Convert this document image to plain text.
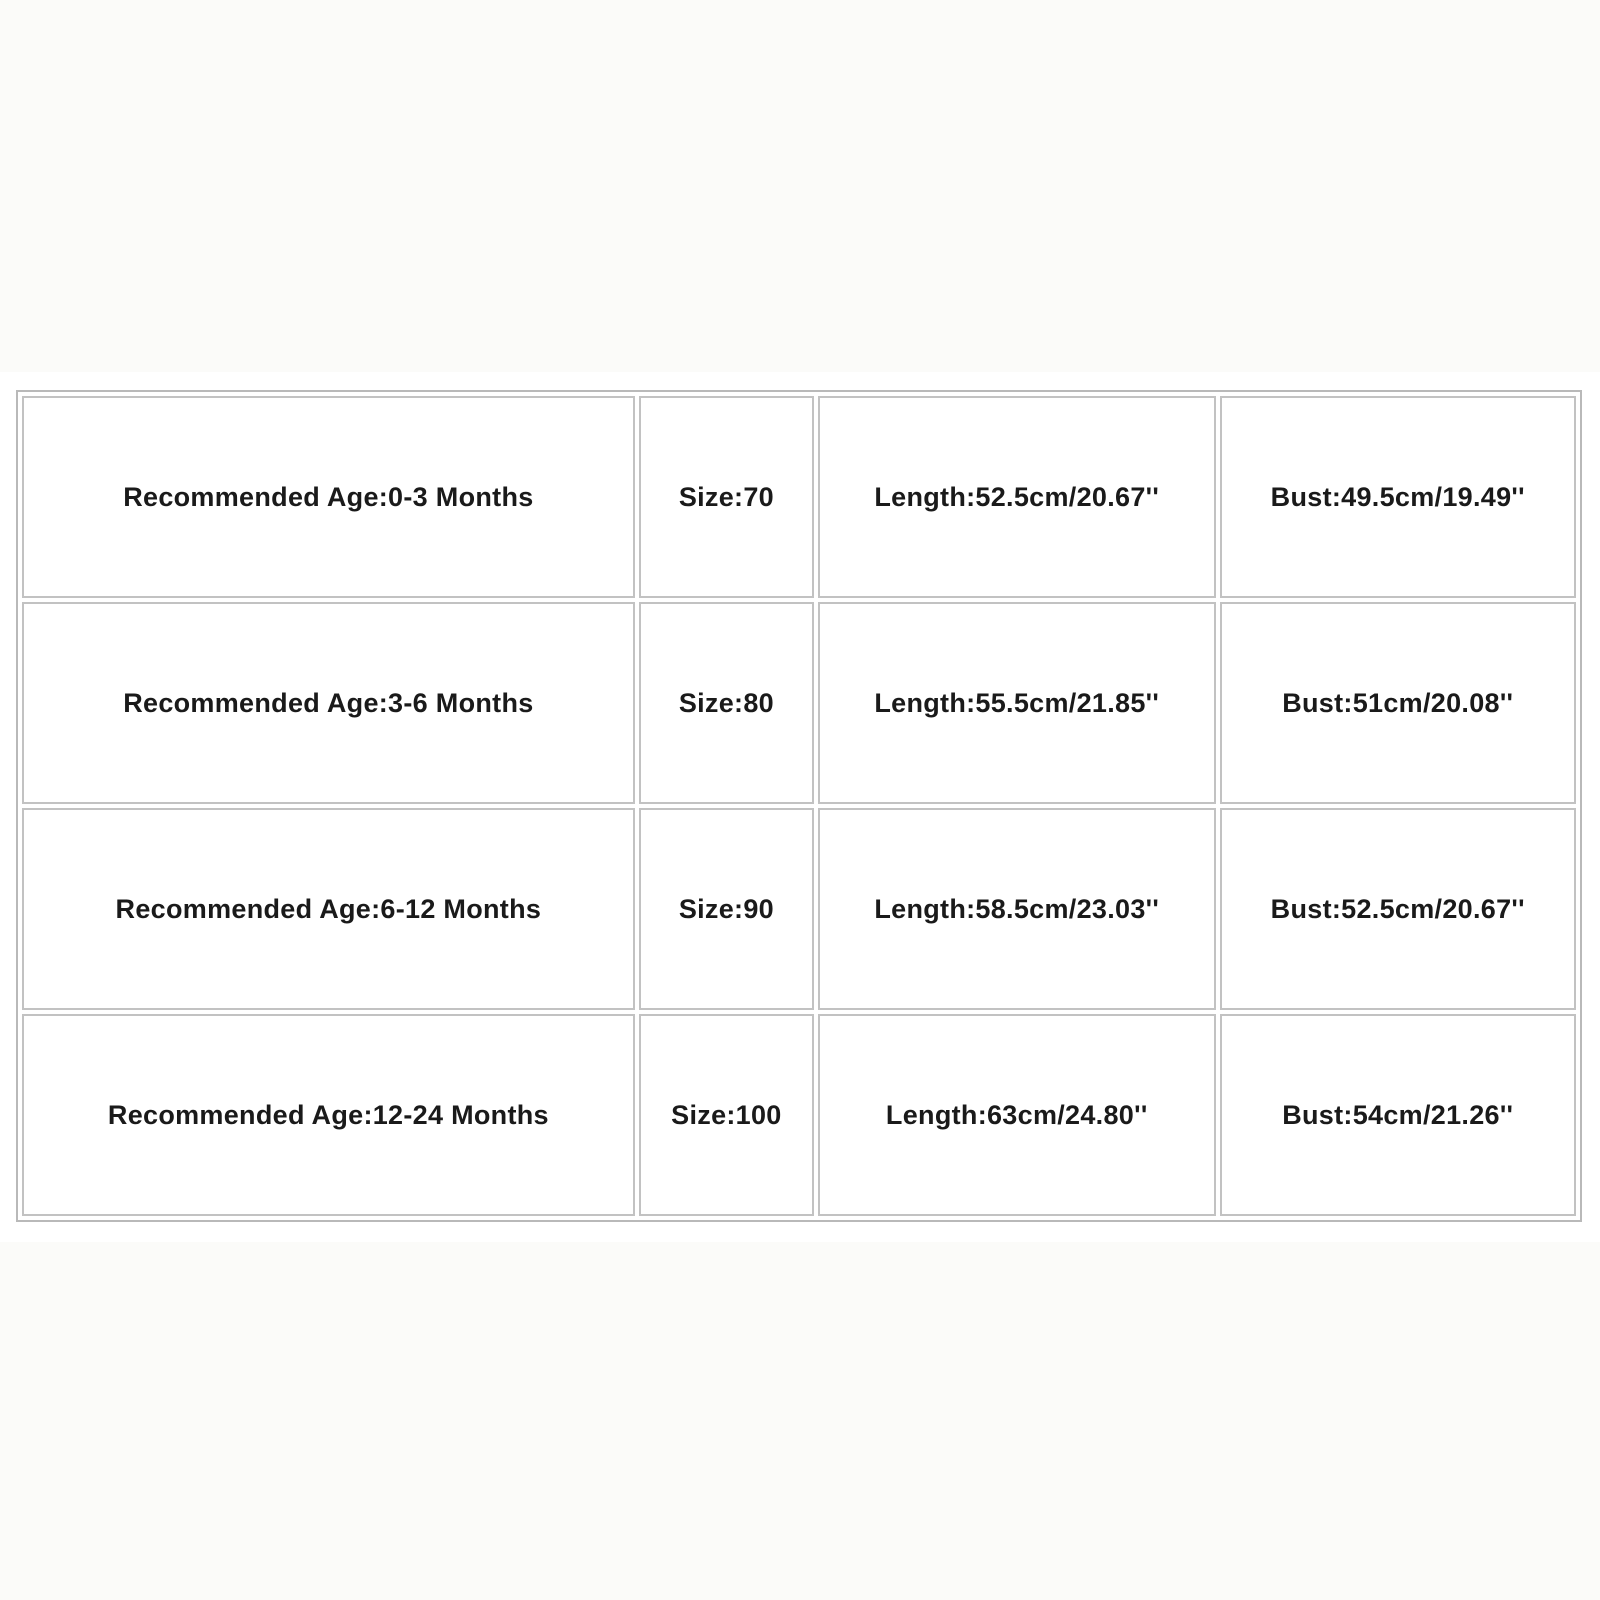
Recommended Age:0-3 Months	Size:70	Length:52.5cm/20.67''	Bust:49.5cm/19.49''
Recommended Age:3-6 Months	Size:80	Length:55.5cm/21.85''	Bust:51cm/20.08''
Recommended Age:6-12 Months	Size:90	Length:58.5cm/23.03''	Bust:52.5cm/20.67''
Recommended Age:12-24 Months	Size:100	Length:63cm/24.80''	Bust:54cm/21.26''
